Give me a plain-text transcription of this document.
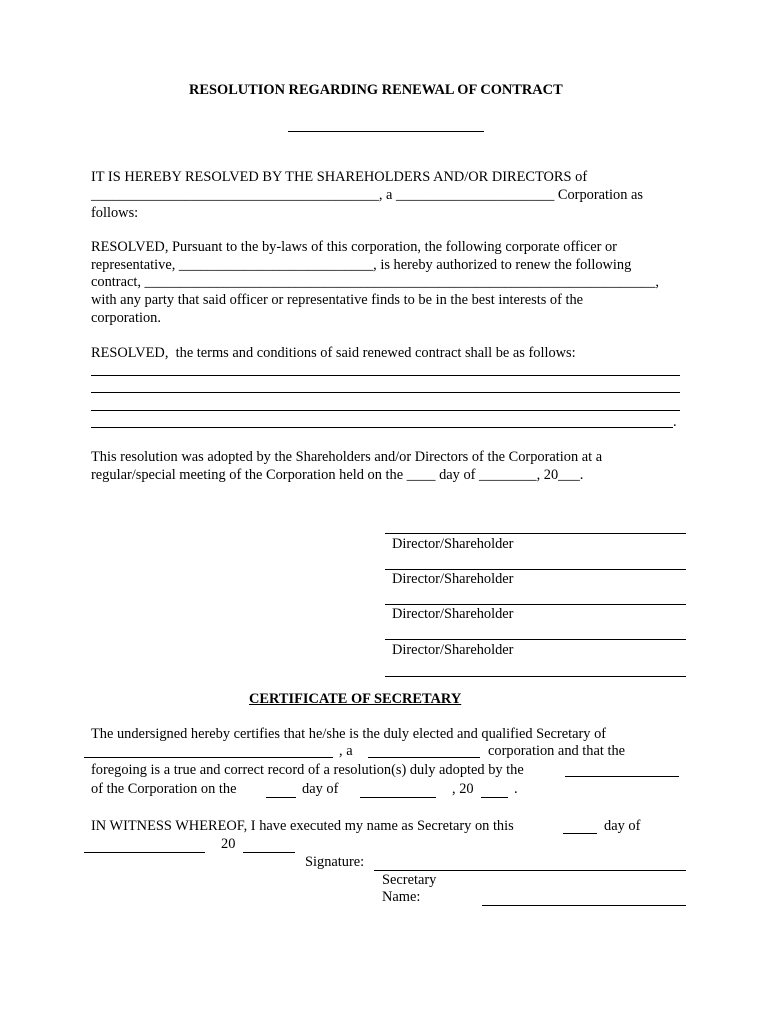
RESOLUTION REGARDING RENEWAL OF CONTRACT
IT IS HEREBY RESOLVED BY THE SHAREHOLDERS AND/OR DIRECTORS of
________________________________________, a ______________________ Corporation as
follows:
RESOLVED, Pursuant to the by-laws of this corporation, the following corporate officer or
representative, ___________________________, is hereby authorized to renew the following
contract, _______________________________________________________________________,
with any party that said officer or representative finds to be in the best interests of the
corporation.
RESOLVED,  the terms and conditions of said renewed contract shall be as follows:
.
This resolution was adopted by the Shareholders and/or Directors of the Corporation at a
regular/special meeting of the Corporation held on the ____ day of ________, 20___.
Director/Shareholder
Director/Shareholder
Director/Shareholder
Director/Shareholder
CERTIFICATE OF SECRETARY
The undersigned hereby certifies that he/she is the duly elected and qualified Secretary of
, a	corporation and that the
foregoing is a true and correct record of a resolution(s) duly adopted by the
of the Corporation on the	day of	, 20	.
IN WITNESS WHEREOF, I have executed my name as Secretary on this	day of
20
Signature:
Secretary
Name:
